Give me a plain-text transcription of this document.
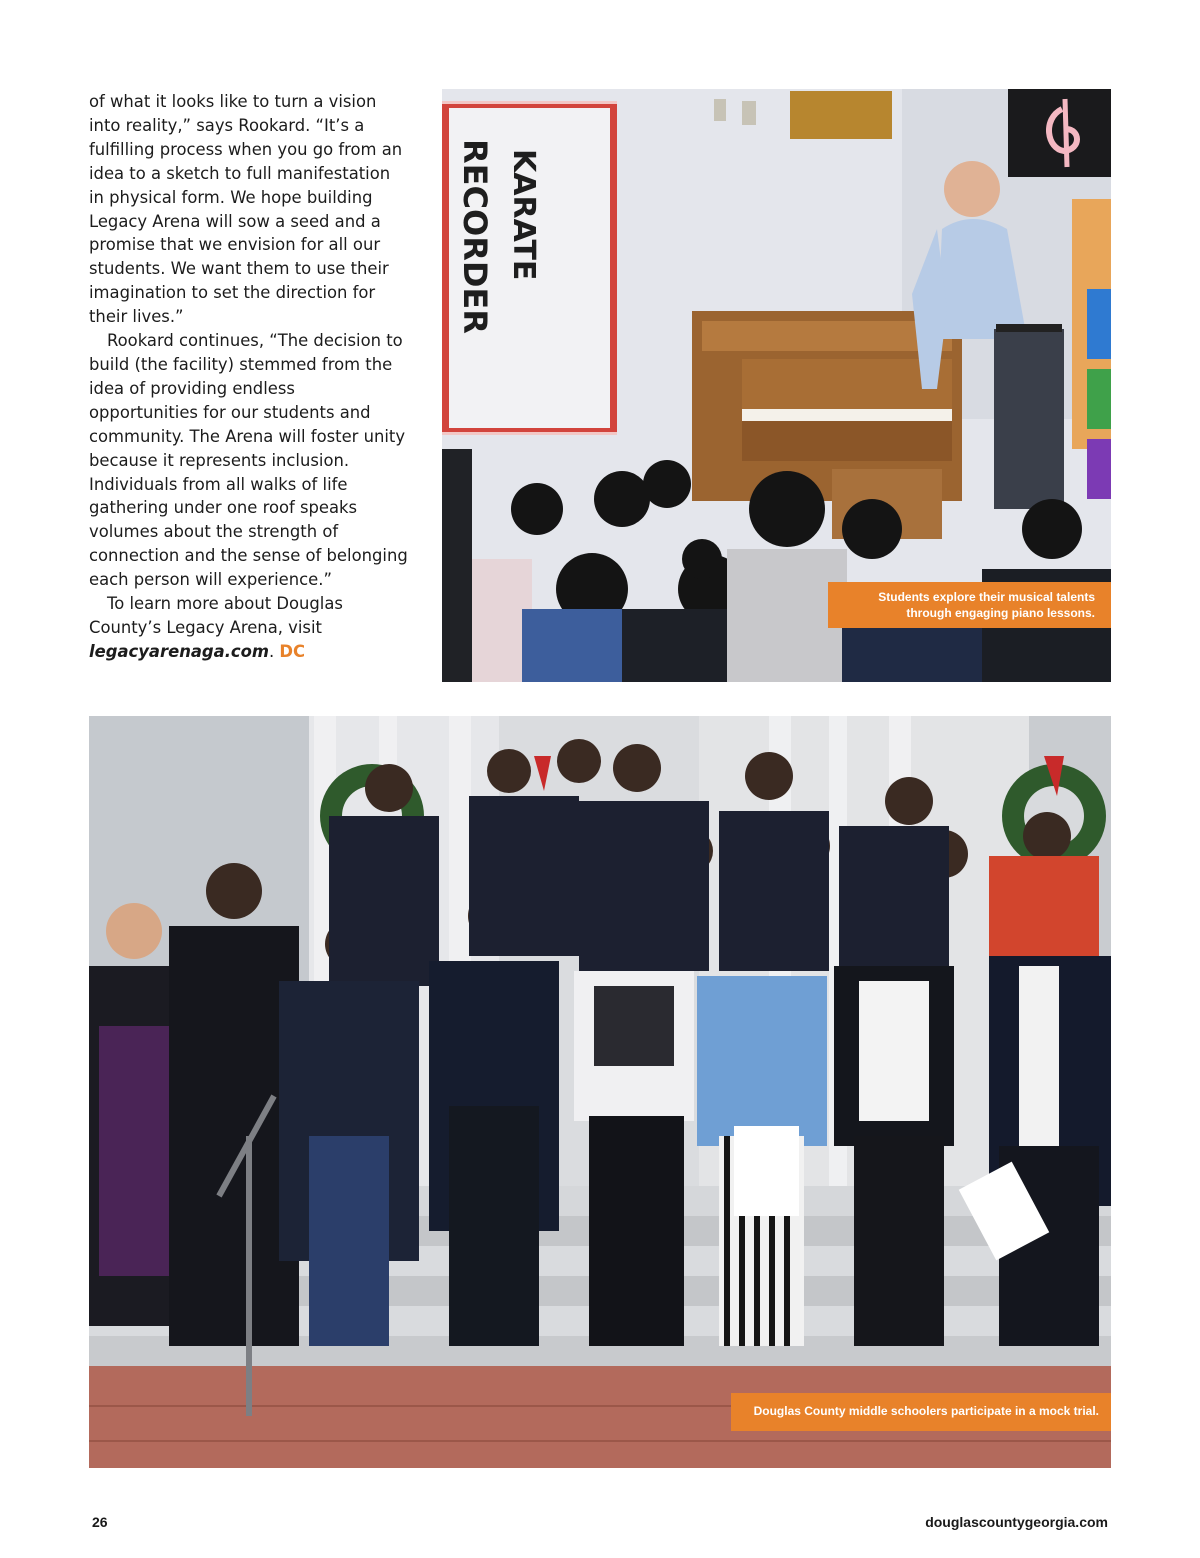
of what it looks like to turn a vision into reality,” says Rookard. “It’s a fulfilling process when you go from an idea to a sketch to full manifestation in physical form. We hope building Legacy Arena will sow a seed and a promise that we envision for all our students. We want them to use their imagination to set the direction for their lives.”

Rookard continues, “The decision to build (the facility) stemmed from the idea of providing endless opportunities for our students and community. The Arena will foster unity because it represents inclusion. Individuals from all walks of life gathering under one roof speaks volumes about the strength of connection and the sense of belonging each person will experience.”

To learn more about Douglas County’s Legacy Arena, visit legacyarenaga.com. DC

RECORDER KARATE
Students explore their musical talents through engaging piano lessons.
Douglas County middle schoolers participate in a mock trial.
26	douglascountygeorgia.com
